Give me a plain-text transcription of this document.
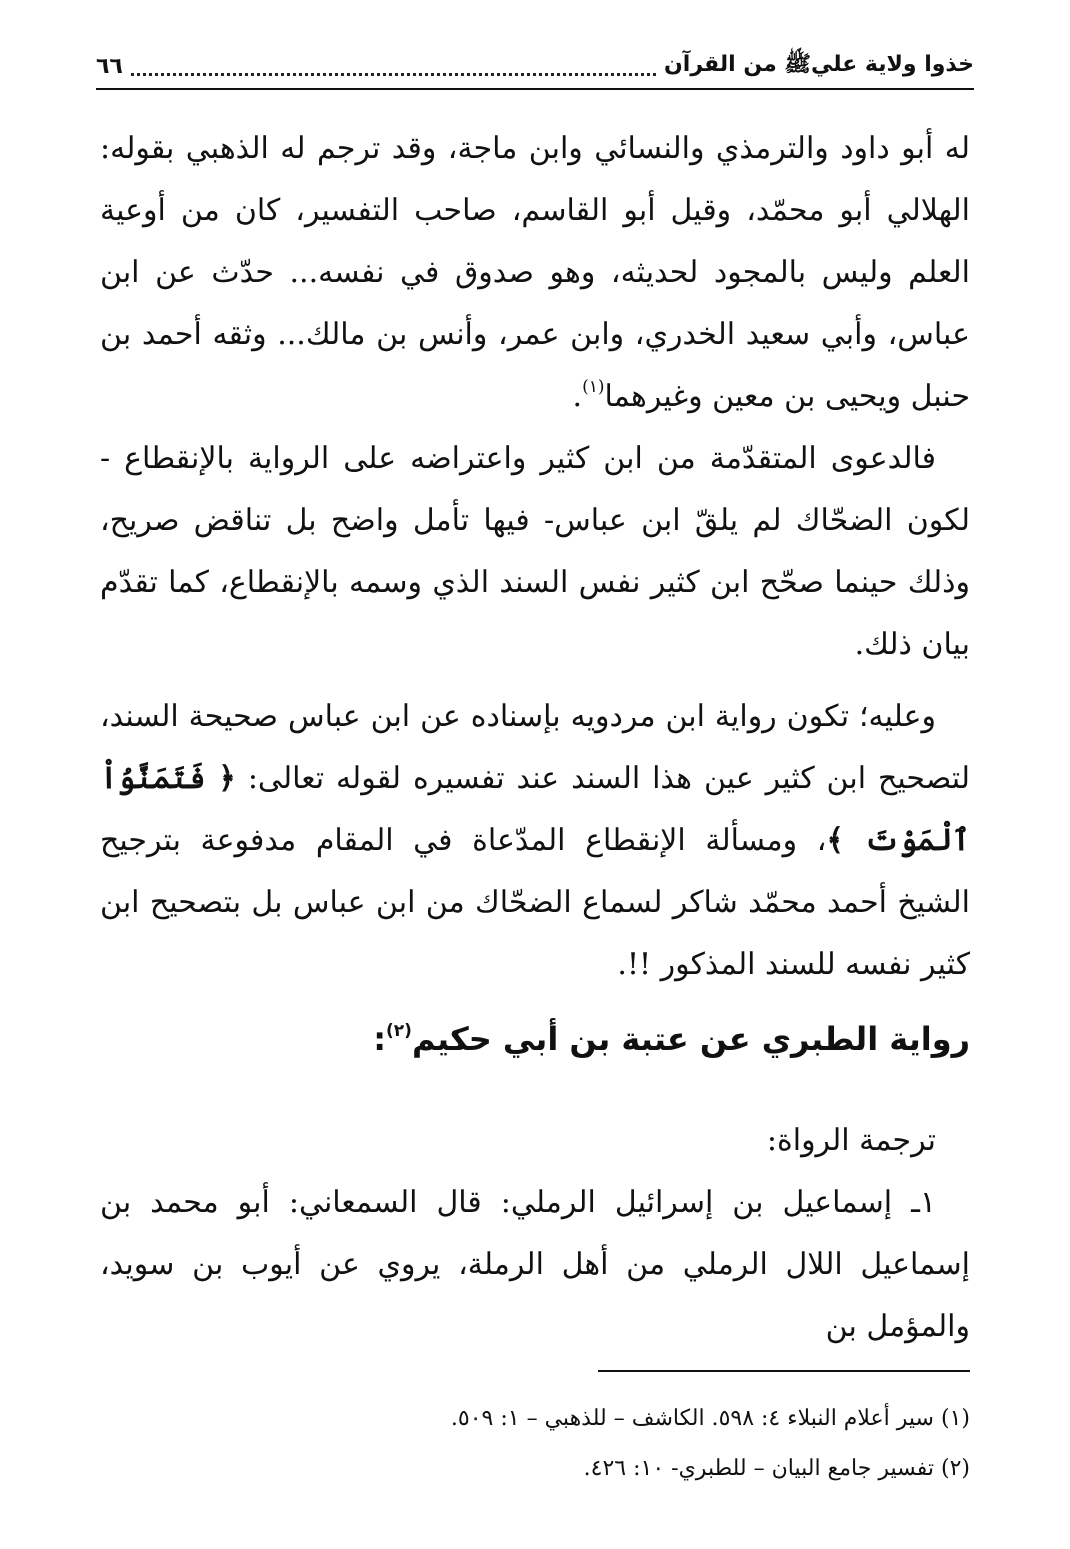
خذوا ولاية علي‏ﷺ من القرآن
٦٦

له أبو داود والترمذي والنسائي وابن ماجة، وقد ترجم له الذهبي بقوله: الهلالي أبو محمّد، وقيل أبو القاسم، صاحب التفسير، كان من أوعية العلم وليس بالمجود لحديثه، وهو صدوق في نفسه... حدّث عن ابن عباس، وأبي سعيد الخدري، وابن عمر، وأنس بن مالك... وثقه أحمد بن حنبل ويحيى بن معين وغيرهما$^{(١)}$.

فالدعوى المتقدّمة من ابن كثير واعتراضه على الرواية بالإنقطاع - لكون الضحّاك لم يلقّ ابن عباس- فيها تأمل واضح بل تناقض صريح، وذلك حينما صحّح ابن كثير نفس السند الذي وسمه بالإنقطاع، كما تقدّم بيان ذلك.

وعليه؛ تكون رواية ابن مردويه بإسناده عن ابن عباس صحيحة السند، لتصحيح ابن كثير عين هذا السند عند تفسيره لقوله تعالى: ﴿ فَتَمَنَّوُاْ ٱلْمَوْتَ ﴾، ومسألة الإنقطاع المدّعاة في المقام مدفوعة بترجيح الشيخ أحمد محمّد شاكر لسماع الضحّاك من ابن عباس بل بتصحيح ابن كثير نفسه للسند المذكور !!.

رواية الطبري عن عتبة بن أبي حكيم$^{(٢)}$:

ترجمة الرواة:

١ـ إسماعيل بن إسرائيل الرملي: قال السمعاني: أبو محمد بن إسماعيل اللال الرملي من أهل الرملة، يروي عن أيوب بن سويد، والمؤمل بن

(١) سير أعلام النبلاء ٤: ٥٩٨. الكاشف – للذهبي – ١: ٥٠٩.

(٢) تفسير جامع البيان – للطبري- ١٠: ٤٢٦.
